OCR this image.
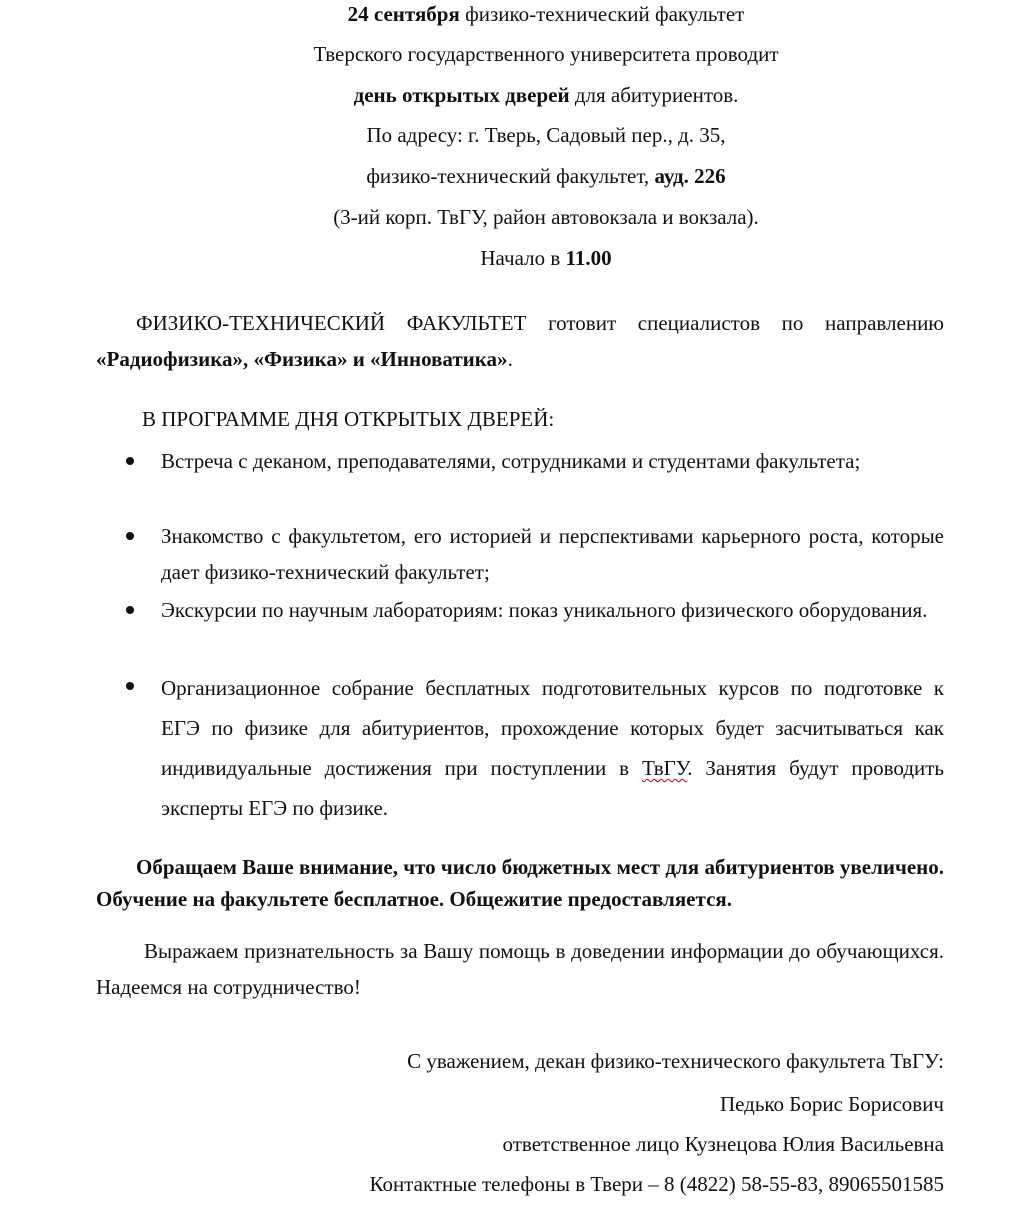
24 сентября физико-технический факультет
Тверского государственного университета проводит
день открытых дверей для абитуриентов.
По адресу: г. Тверь, Садовый пер., д. 35,
физико-технический факультет, ауд. 226
(3-ий корп. ТвГУ, район автовокзала и вокзала).
Начало в 11.00
ФИЗИКО-ТЕХНИЧЕСКИЙ ФАКУЛЬТЕТ готовит специалистов по направлению «Радиофизика», «Физика» и «Инноватика».
В ПРОГРАММЕ ДНЯ ОТКРЫТЫХ ДВЕРЕЙ:
Встреча с деканом, преподавателями, сотрудниками и студентами факультета;
Знакомство с факультетом, его историей и перспективами карьерного роста, которые дает физико-технический факультет;
Экскурсии по научным лабораториям: показ уникального физического оборудования.
Организационное собрание бесплатных подготовительных курсов по подготовке к ЕГЭ по физике для абитуриентов, прохождение которых будет засчитываться как индивидуальные достижения при поступлении в ТвГУ. Занятия будут проводить эксперты ЕГЭ по физике.
Обращаем Ваше внимание, что число бюджетных мест для абитуриентов увеличено. Обучение на факультете бесплатное. Общежитие предоставляется.
Выражаем признательность за Вашу помощь в доведении информации до обучающихся. Надеемся на сотрудничество!
С уважением, декан физико-технического факультета ТвГУ:
Педько Борис Борисович
ответственное лицо Кузнецова Юлия Васильевна
Контактные телефоны в Твери – 8 (4822) 58-55-83, 89065501585
